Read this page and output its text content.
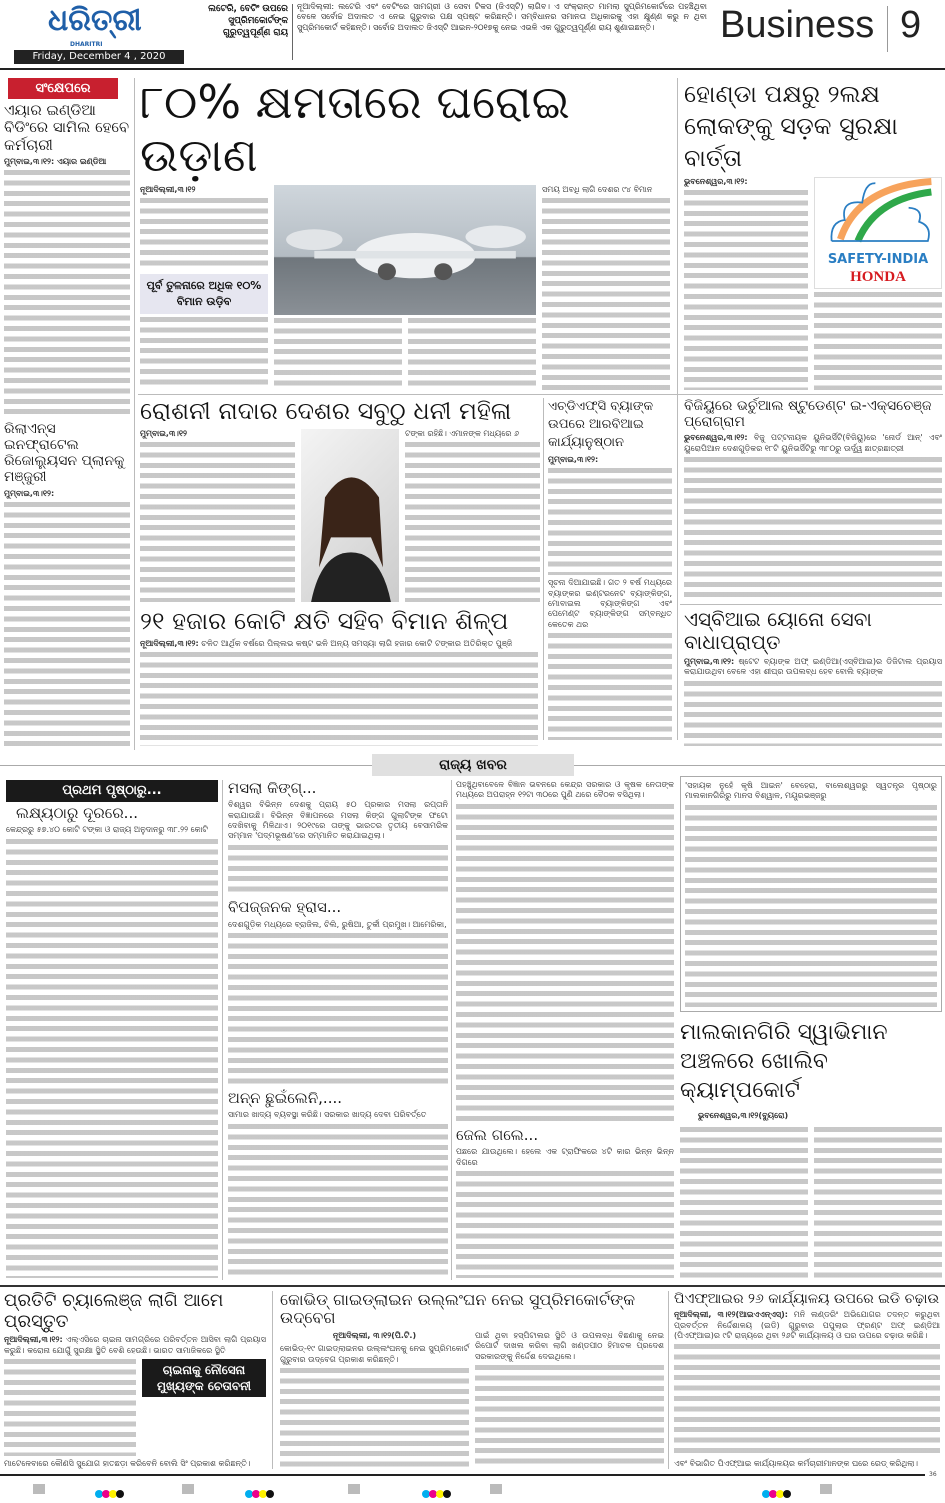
ଧରିତ୍ରୀ
DHARITRI
Friday, December 4 , 2020
ଲଟେରି, ବେଟିଂ ଉପରେ ସୁପ୍ରିମକୋର୍ଟଙ୍କ ଗୁରୁତ୍ୱପୂର୍ଣ୍ଣ ରାୟ
ନୂଆଦିଲ୍ଲୀ: ଲଟେରି ଏବଂ ବେଟିଂରେ ସାମଗ୍ରୀ ଓ ସେବା ଟିକସ (ଜିଏସ୍‌ଟି) ଲାଗିବ। ଏ ସଂକ୍ରାନ୍ତ ମାମଲା ସୁପ୍ରିମକୋର୍ଟରେ ପହଞ୍ଚିଥିବା ବେଳେ ସର୍ବୋଚ୍ଚ ଅଦାଲତ ଏ ନେଇ ଗୁରୁବାର ପକ୍ଷ ସ୍ପଷ୍ଟ କରିଛନ୍ତି। ସମ୍ବିଧାନର ସମାନତା ଅଧିକାରକୁ ଏହା କ୍ଷୁଣ୍ଣ କରୁ ନ ଥିବା ସୁପ୍ରିମକୋର୍ଟ କହିଛନ୍ତି। ସର୍ବୋଚ୍ଚ ଅଦାଲତ ଜିଏସ୍‌ଟି ଆଇନ-୨୦୧୭କୁ ନେଇ ଏଭଳି ଏକ ଗୁରୁତ୍ୱପୂର୍ଣ୍ଣ ରାୟ ଶୁଣାଇଛନ୍ତି।	Business 9
ସଂକ୍ଷେପରେ
ଏୟାର ଇଣ୍ଡିଆ ବିଡିଂରେ ସାମିଲ ହେବେ କର୍ମଚାରୀ
ମୁମ୍ବାଇ,୩।୧୨: ଏୟାର ଇଣ୍ଡିଆ
ରିଲାଏନ୍ସ ଇନଫ୍ରାଟେଲ ରିଜୋଲ୍ୟୁସନ ପ୍ଲାନକୁ ମଞ୍ଜୁରୀ
ମୁମ୍ବାଇ,୩।୧୨:
୮୦% କ୍ଷମତାରେ ଘରୋଇ ଉଡ଼ାଣ
ନୂଆଦିଲ୍ଲୀ,୩।୧୨
ପୂର୍ବ ତୁଳନାରେ ଅଧିକ ୧୦% ବିମାନ ଉଡ଼ିବ
ସମୟ ଅବଧି ଲାଗି ଦେଶର ୯୪ ବିମାନ
ହୋଣ୍ଡା ପକ୍ଷରୁ ୨ଲକ୍ଷ ଲୋକଙ୍କୁ ସଡ଼କ ସୁରକ୍ଷା ବାର୍ତ୍ତା
ଭୁବନେଶ୍ୱର,୩।୧୨:
SAFETY-INDIA
HONDA
ରୋଶନୀ ନାଦାର ଦେଶର ସବୁଠୁ ଧନୀ ମହିଳା
ମୁମ୍ବାଇ,୩।୧୨	ଟଙ୍କା ରହିଛି। ଏମାନଙ୍କ ମଧ୍ୟରେ ୬
ଏଚ୍‌ଡିଏଫ୍‌ସି ବ୍ୟାଙ୍କ ଉପରେ ଆରବିଆଇ କାର୍ଯ୍ୟାନୁଷ୍ଠାନ
ମୁମ୍ବାଇ,୩।୧୨:
ସୂଚନା ଦିଆଯାଇଛି। ଗତ ୨ ବର୍ଷ ମଧ୍ୟରେ ବ୍ୟାଙ୍କର ଇଣ୍ଟରନେଟ ବ୍ୟାଙ୍କିଙ୍ଗ, ମୋବାଇଲ ବ୍ୟାଙ୍କିଙ୍ଗ ଏବଂ ପେମେଣ୍ଟ ବ୍ୟାଙ୍କିଙ୍ଗ ସମ୍ବନ୍ଧିତ କେତେକ ଥର
ବିଜିୟୁରେ ଭର୍ଚୁଆଲ ଷ୍ଟୁଡେଣ୍ଟ ଇ-ଏକ୍ସଚେଞ୍ଜ ପ୍ରୋଗ୍ରାମ
ଭୁବନେଶ୍ୱର,୩।୧୨: ବିଜୁ ପଟ୍ଟନାୟକ ୟୁନିଭର୍ସିଟି(ବିଜିୟୁ)ରେ 'ନୋର୍ଡ ଆନ୍' ଏବଂ ୟୁରୋପିଆନ ଦେଶଗୁଡ଼ିକର ୧୮ଟି ୟୁନିଭର୍ସିଟିରୁ ୩୮୦ରୁ ଊର୍ଦ୍ଧ୍ୱ ଛାତ୍ରଛାତ୍ରୀ
୨୧ ହଜାର କୋଟି କ୍ଷତି ସହିବ ବିମାନ ଶିଳ୍ପ
ନୂଆଦିଲ୍ଲୀ,୩।୧୨: ଚଳିତ ଆର୍ଥିକ ବର୍ଷରେ ପିଲ୍ଲଭ କଷ୍ଟ ଭଳି ଅନ୍ୟ ସମସ୍ୟା ଲାଗି ହଜାର କୋଟି ଟଙ୍କାର ଅତିରିକ୍ତ ପୁଞ୍ଜି
ଏସ୍‌ବିଆଇ ୟୋନୋ ସେବା ବାଧାପ୍ରାପ୍ତ
ମୁମ୍ବାଇ,୩।୧୨: ଷ୍ଟେଟ ବ୍ୟାଙ୍କ ଅଫ୍ ଇଣ୍ଡିଆ(ଏସ୍‌ବିଆଇ)ର ଡିଜିଟାଲ ପ୍ରୟାସ କରାଯାଉଥିବା ବେଳେ ଏହା ଶୀଘ୍ର ଉପଲବ୍ଧ ହେବ ବୋଲି ବ୍ୟାଙ୍କ
ରାଜ୍ୟ ଖବର
ପ୍ରଥମ ପୃଷ୍ଠାରୁ...
ଲକ୍ଷ୍ୟଠାରୁ ଦୂରରେ...
କେନ୍ଦ୍ରରୁ ୫୭.୪୦ କୋଟି ଟଙ୍କା ଓ ରାଜ୍ୟ ଅନୁଦାନରୁ ୩୮.୨୨ କୋଟି
ମସଲା କିଙ୍ଗ୍‌...
ବିଶ୍ୱର ବିଭିନ୍ନ ଦେଶକୁ ପ୍ରାୟ ୫୦ ପ୍ରକାର ମସଲା ରପ୍ତାନି କରାଯାଉଛି। ବିଭିନ୍ନ ବିଜ୍ଞାପନରେ ମସଲା କିଙ୍ଗ ଗୁଲାଟିଙ୍କ ଫଟୋ ଦେଖିବାକୁ ମିଳିଥାଏ। ୨୦୧୯ରେ ତାଙ୍କୁ ଭାରତର ତୃତୀୟ ବେସାମରିକ ସମ୍ମାନ 'ପଦ୍ମଭୂଷଣ'ରେ ସମ୍ମାନିତ କରାଯାଇଥିଲା।
ବିପଜ୍ଜନକ ହ୍ରାସ...
ଦେଶଗୁଡ଼ିକ ମଧ୍ୟରେ ବ୍ରାଜିଲ, ଚିଲି, ରୁଷିଆ, ତୁର୍କୀ ପ୍ରମୁଖ। ଆମେରିକା,
ଅନ୍ନ ଛୁଇଁଲେନି,....
ସାମାର ଖାଦ୍ୟ ବ୍ୟବସ୍ଥା କରିଛି। ସରକାର ଖାଦ୍ୟ ଦେବା ପରିବର୍ତ୍ତେ
ପହଞ୍ଚୁଥିବାବେଳେ ବିଜ୍ଞାନ ଭବନରେ କେନ୍ଦ୍ର ସରକାର ଓ କୃଷକ ନେତାଙ୍କ ମଧ୍ୟରେ ଅପରାହ୍ନ ୧୨ଟା ୩୦ରେ ପୁଣି ଥରେ ବୈଠକ ବସିଥିଲା।
ଜେଲ ଗଲେ...
ପଛରେ ଯାଉଥିଲେ। ହେଲେ ଏକ ଟ୍ରାଫିକରେ ୪ଟି କାର ଭିନ୍ନ ଭିନ୍ନ ଦିଗରେ
'ସହାୟକ ନୁହେଁ କୃଷି ଆଇନ' ବେହେରା, ବାଲେଶ୍ୱରରୁ ସ୍ୱତନ୍ତ୍ର ପୃଷ୍ଠାରୁ ମାଲକାନଗିରିରୁ ମାନସ ବିଶ୍ୱାଳ, ମୟୂରଭଞ୍ଜରୁ
ମାଲକାନଗିରି ସ୍ୱାଭିମାନ ଅଞ୍ଚଳରେ ଖୋଲିବ କ୍ୟାମ୍ପକୋର୍ଟ
ଭୁବନେଶ୍ୱର,୩।୧୨(ବ୍ୟୁରୋ)
ପ୍ରତିଟି ଚ୍ୟାଲେଞ୍ଜ ଲାଗି ଆମେ ପ୍ରସ୍ତୁତ
ନୂଆଦିଲ୍ଲୀ,୩।୧୨: ଏଲ୍‌ଏସିରେ ଚାଇନା ସାମଗ୍ରିରେ ପରିବର୍ତ୍ତନ ଆସିବା ଲାଗି ପ୍ରୟାସ କରୁଛି। କରୋନା ଯୋଗୁଁ ସୁରକ୍ଷା ସ୍ଥିତି ବେଶି ହେଉଛି। ଭାରତ ସାମାଜିକରେ ସ୍ଥିତି
ଚାଇନାକୁ ନୌସେନା ମୁଖ୍ୟଙ୍କ ଚେତାବନୀ
ମାଟେଳେବାରେ କୌଣସି ସୁଯୋଗ ହାତଛଡ଼ା କରିବେନି ବୋଲି ସିଂ ପ୍ରକାଶ କରିଛନ୍ତି।
କୋଭିଡ୍ ଗାଇଡ୍‌ଲାଇନ ଉଲ୍ଲଂଘନ ନେଇ ସୁପ୍ରିମକୋର୍ଟଙ୍କ ଉଦ୍‌ବେଗ
ନୂଆଦିଲ୍ଲୀ, ୩।୧୨(ପି.ଟି.)
କୋଭିଡ୍-୧୯ ଗାଇଡ୍‌ଲାଇନର ଉଲ୍ଲଂଘନକୁ ନେଇ ସୁପ୍ରିମକୋର୍ଟ ଗୁରୁବାର ଉଦ୍‌ବେଗ ପ୍ରକାଶ କରିଛନ୍ତି।
ପାଇଁ ଥିବା ହସ୍ପିଟାଲର ସ୍ଥିତି ଓ ଉପଲବ୍ଧ ବିଛଣାକୁ ନେଇ ରିପୋର୍ଟ ଦାଖଲ କରିବା ଲାଗି ଖଣ୍ଡପୀଠ ହିମାଚଳ ପ୍ରଦେଶ ସରକାରଙ୍କୁ ନିର୍ଦ୍ଦେଶ ଦେଇଥିଲେ।
ପିଏଫ୍‌ଆଇର ୨୬ କାର୍ଯ୍ୟାଳୟ ଉପରେ ଇଡି ଚଢ଼ାଉ
ନୂଆଦିଲ୍ଲୀ, ୩।୧୨(ଆଇଏଏନ୍‌ଏସ୍): ମନି ଲଣ୍ଡରିଂ ଅଭିଯୋଗର ତଦନ୍ତ କରୁଥିବା ପ୍ରବର୍ତ୍ତନ ନିର୍ଦ୍ଦେଶାଳୟ (ଇଡି) ଗୁରୁବାର ପପୁଲାର ଫ୍ରଣ୍ଟ ଅଫ୍ ଇଣ୍ଡିଆ (ପିଏଫ୍‌ଆଇ)ର ୯ଟି ରାଜ୍ୟରେ ଥିବା ୨୬ଟି କାର୍ଯ୍ୟାଳୟ ଓ ଘର ଉପରେ ଚଢ଼ାଉ କରିଛି।
ଏବଂ ବିଭାଗିତ ପିଏଫ୍‌ଆଇ କାର୍ଯ୍ୟାଳୟର କର୍ମଚାରୀମାନଙ୍କ ଘରେ ରେଡ୍ କରିଥିଲା।
36
